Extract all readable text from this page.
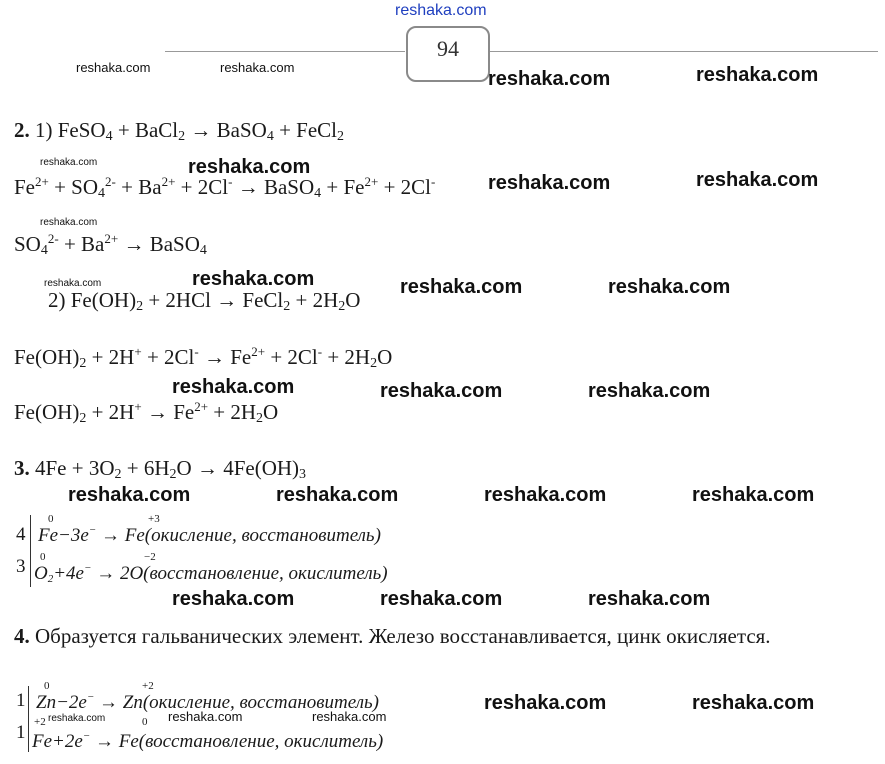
reshaka.com
94
reshaka.com	reshaka.com
reshaka.com	reshaka.com
2. 1) FeSO$_4$ + BaCl$_2$ → BaSO$_4$ + FeCl$_2$
reshaka.com	reshaka.com
$Fe^{2+} + SO_4^{2-} + Ba^{2+} + 2Cl^-$ → BaSO$_4$ + $Fe^{2+} + 2Cl^-$	reshaka.com	reshaka.com
reshaka.com
$SO_4^{2-} + Ba^{2+}$ → BaSO$_4$
reshaka.com	reshaka.com
2) $Fe(OH)_2 + 2HCl$ → FeCl$_2$ + $2H_2O$
reshaka.com	reshaka.com
$Fe(OH)_2 + 2H^+ + 2Cl^- \to Fe^{2+} + 2Cl^- + 2H_2O$
reshaka.com	reshaka.com	reshaka.com
$Fe(OH)_2 + 2H^+ \to Fe^{2+} + 2H_2O$
3. $4Fe + 3O_2 + 6H_2O \to 4Fe(OH)_3$
reshaka.com	reshaka.com	reshaka.com	reshaka.com
4
3
0	+3
Fe−3e− → Fe(окисление, восстановитель)
0	−2
$O_2+4e^-$ → 2O(восстановление, окислитель)
reshaka.com	reshaka.com	reshaka.com
4. Образуется гальванических элемент. Железо восстанавливается, цинк окисляется.
1
1
0	+2
Zn−2e− → Zn(окисление, восстановитель)
+2	0
Fe+2e− → Fe(восстановление, окислитель)
reshaka.com	reshaka.com	reshaka.com
reshaka.com	reshaka.com
